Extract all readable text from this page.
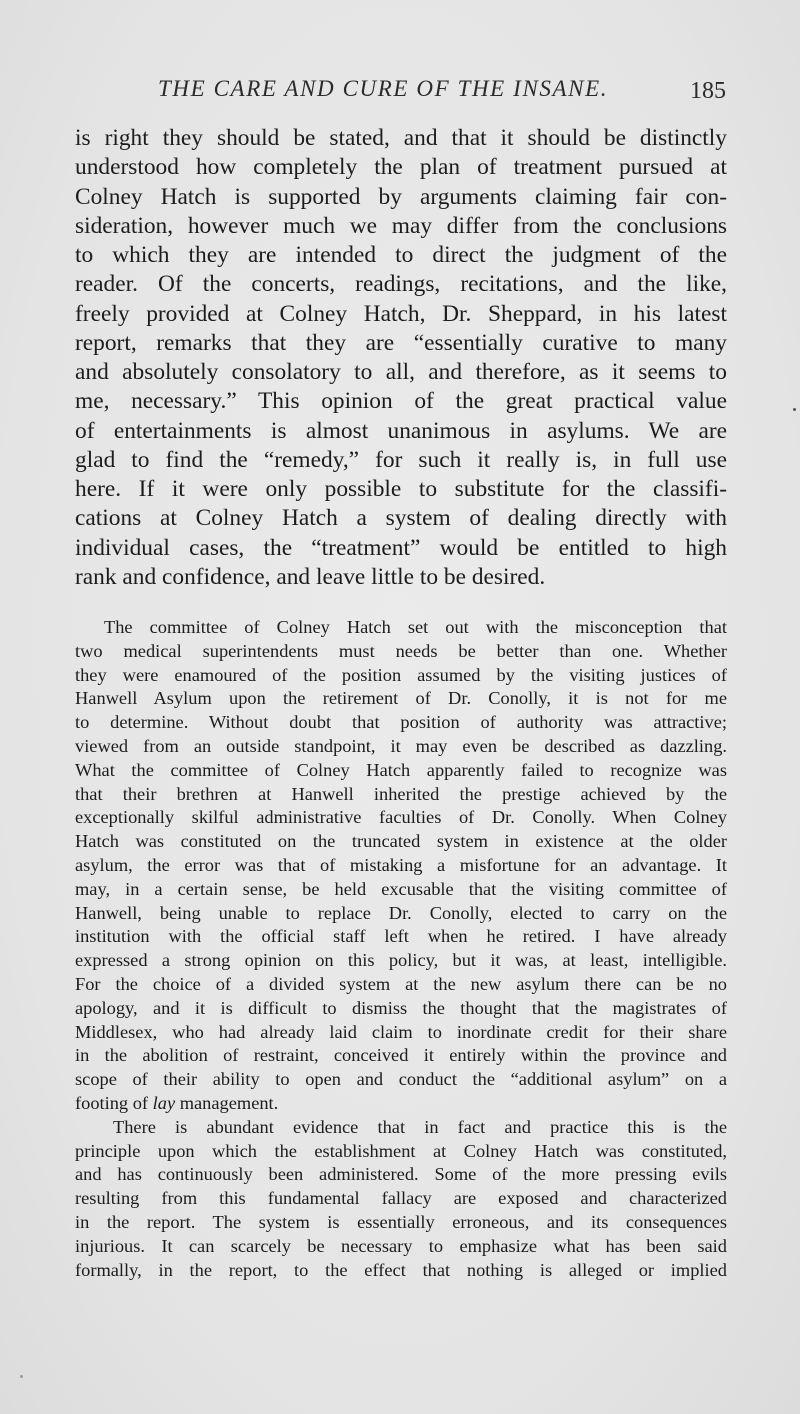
THE CARE AND CURE OF THE INSANE.	185
is right they should be stated, and that it should be distinctly
understood how completely the plan of treatment pursued at
Colney Hatch is supported by arguments claiming fair con-
sideration, however much we may differ from the conclusions
to which they are intended to direct the judgment of the
reader. Of the concerts, readings, recitations, and the like,
freely provided at Colney Hatch, Dr. Sheppard, in his latest
report, remarks that they are “essentially curative to many
and absolutely consolatory to all, and therefore, as it seems to
me, necessary.” This opinion of the great practical value
of entertainments is almost unanimous in asylums. We are
glad to find the “remedy,” for such it really is, in full use
here. If it were only possible to substitute for the classifi-
cations at Colney Hatch a system of dealing directly with
individual cases, the “treatment” would be entitled to high
rank and confidence, and leave little to be desired.
The committee of Colney Hatch set out with the misconception that
two medical superintendents must needs be better than one. Whether
they were enamoured of the position assumed by the visiting justices of
Hanwell Asylum upon the retirement of Dr. Conolly, it is not for me
to determine. Without doubt that position of authority was attractive;
viewed from an outside standpoint, it may even be described as dazzling.
What the committee of Colney Hatch apparently failed to recognize was
that their brethren at Hanwell inherited the prestige achieved by the
exceptionally skilful administrative faculties of Dr. Conolly. When Colney
Hatch was constituted on the truncated system in existence at the older
asylum, the error was that of mistaking a misfortune for an advantage. It
may, in a certain sense, be held excusable that the visiting committee of
Hanwell, being unable to replace Dr. Conolly, elected to carry on the
institution with the official staff left when he retired. I have already
expressed a strong opinion on this policy, but it was, at least, intelligible.
For the choice of a divided system at the new asylum there can be no
apology, and it is difficult to dismiss the thought that the magistrates of
Middlesex, who had already laid claim to inordinate credit for their share
in the abolition of restraint, conceived it entirely within the province and
scope of their ability to open and conduct the “additional asylum” on a
footing of lay management.
There is abundant evidence that in fact and practice this is the
principle upon which the establishment at Colney Hatch was constituted,
and has continuously been administered. Some of the more pressing evils
resulting from this fundamental fallacy are exposed and characterized
in the report. The system is essentially erroneous, and its consequences
injurious. It can scarcely be necessary to emphasize what has been said
formally, in the report, to the effect that nothing is alleged or implied
